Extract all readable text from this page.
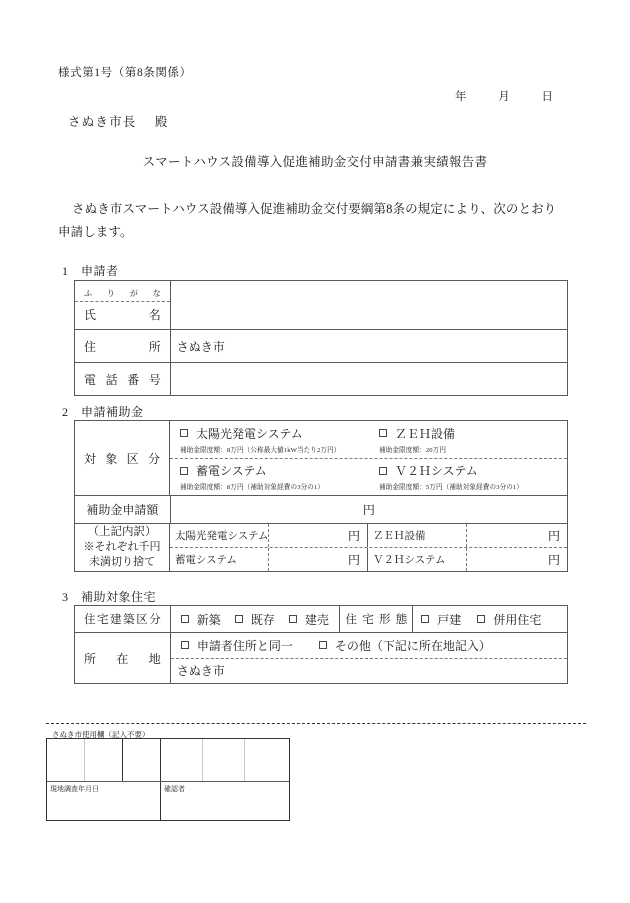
様式第1号（第8条関係）
年	月	日
さぬき市長 殿
スマートハウス設備導入促進補助金交付申請書兼実績報告書
さぬき市スマートハウス設備導入促進補助金交付要綱第8条の規定により、次のとおり申請します。
1 申請者
ふりがな
氏名
住所	さぬき市
電話番号
2 申請補助金
対象区分
太陽光発電システム
補助金限度額：8万円（公称最大値1kW当たり2万円）
ＺＥＨ設備
補助金限度額：20万円
蓄電システム
補助金限度額：8万円（補助対象経費の3分の1）
Ｖ２Ｈシステム
補助金限度額：5万円（補助対象経費の3分の1）
補助金申請額	円
（上記内訳）
※それぞれ千円
未満切り捨て
太陽光発電システム	円	ＺＥＨ設備	円
蓄電システム	円	Ｖ２Ｈシステム	円
3 補助対象住宅
住宅建築区分	新築	既存	建売	住宅形態	戸建	併用住宅
所在地
申請者住所と同一	その他（下記に所在地記入）
さぬき市
さぬき市使用欄（記入不要）
現地調査年月日	確認者
